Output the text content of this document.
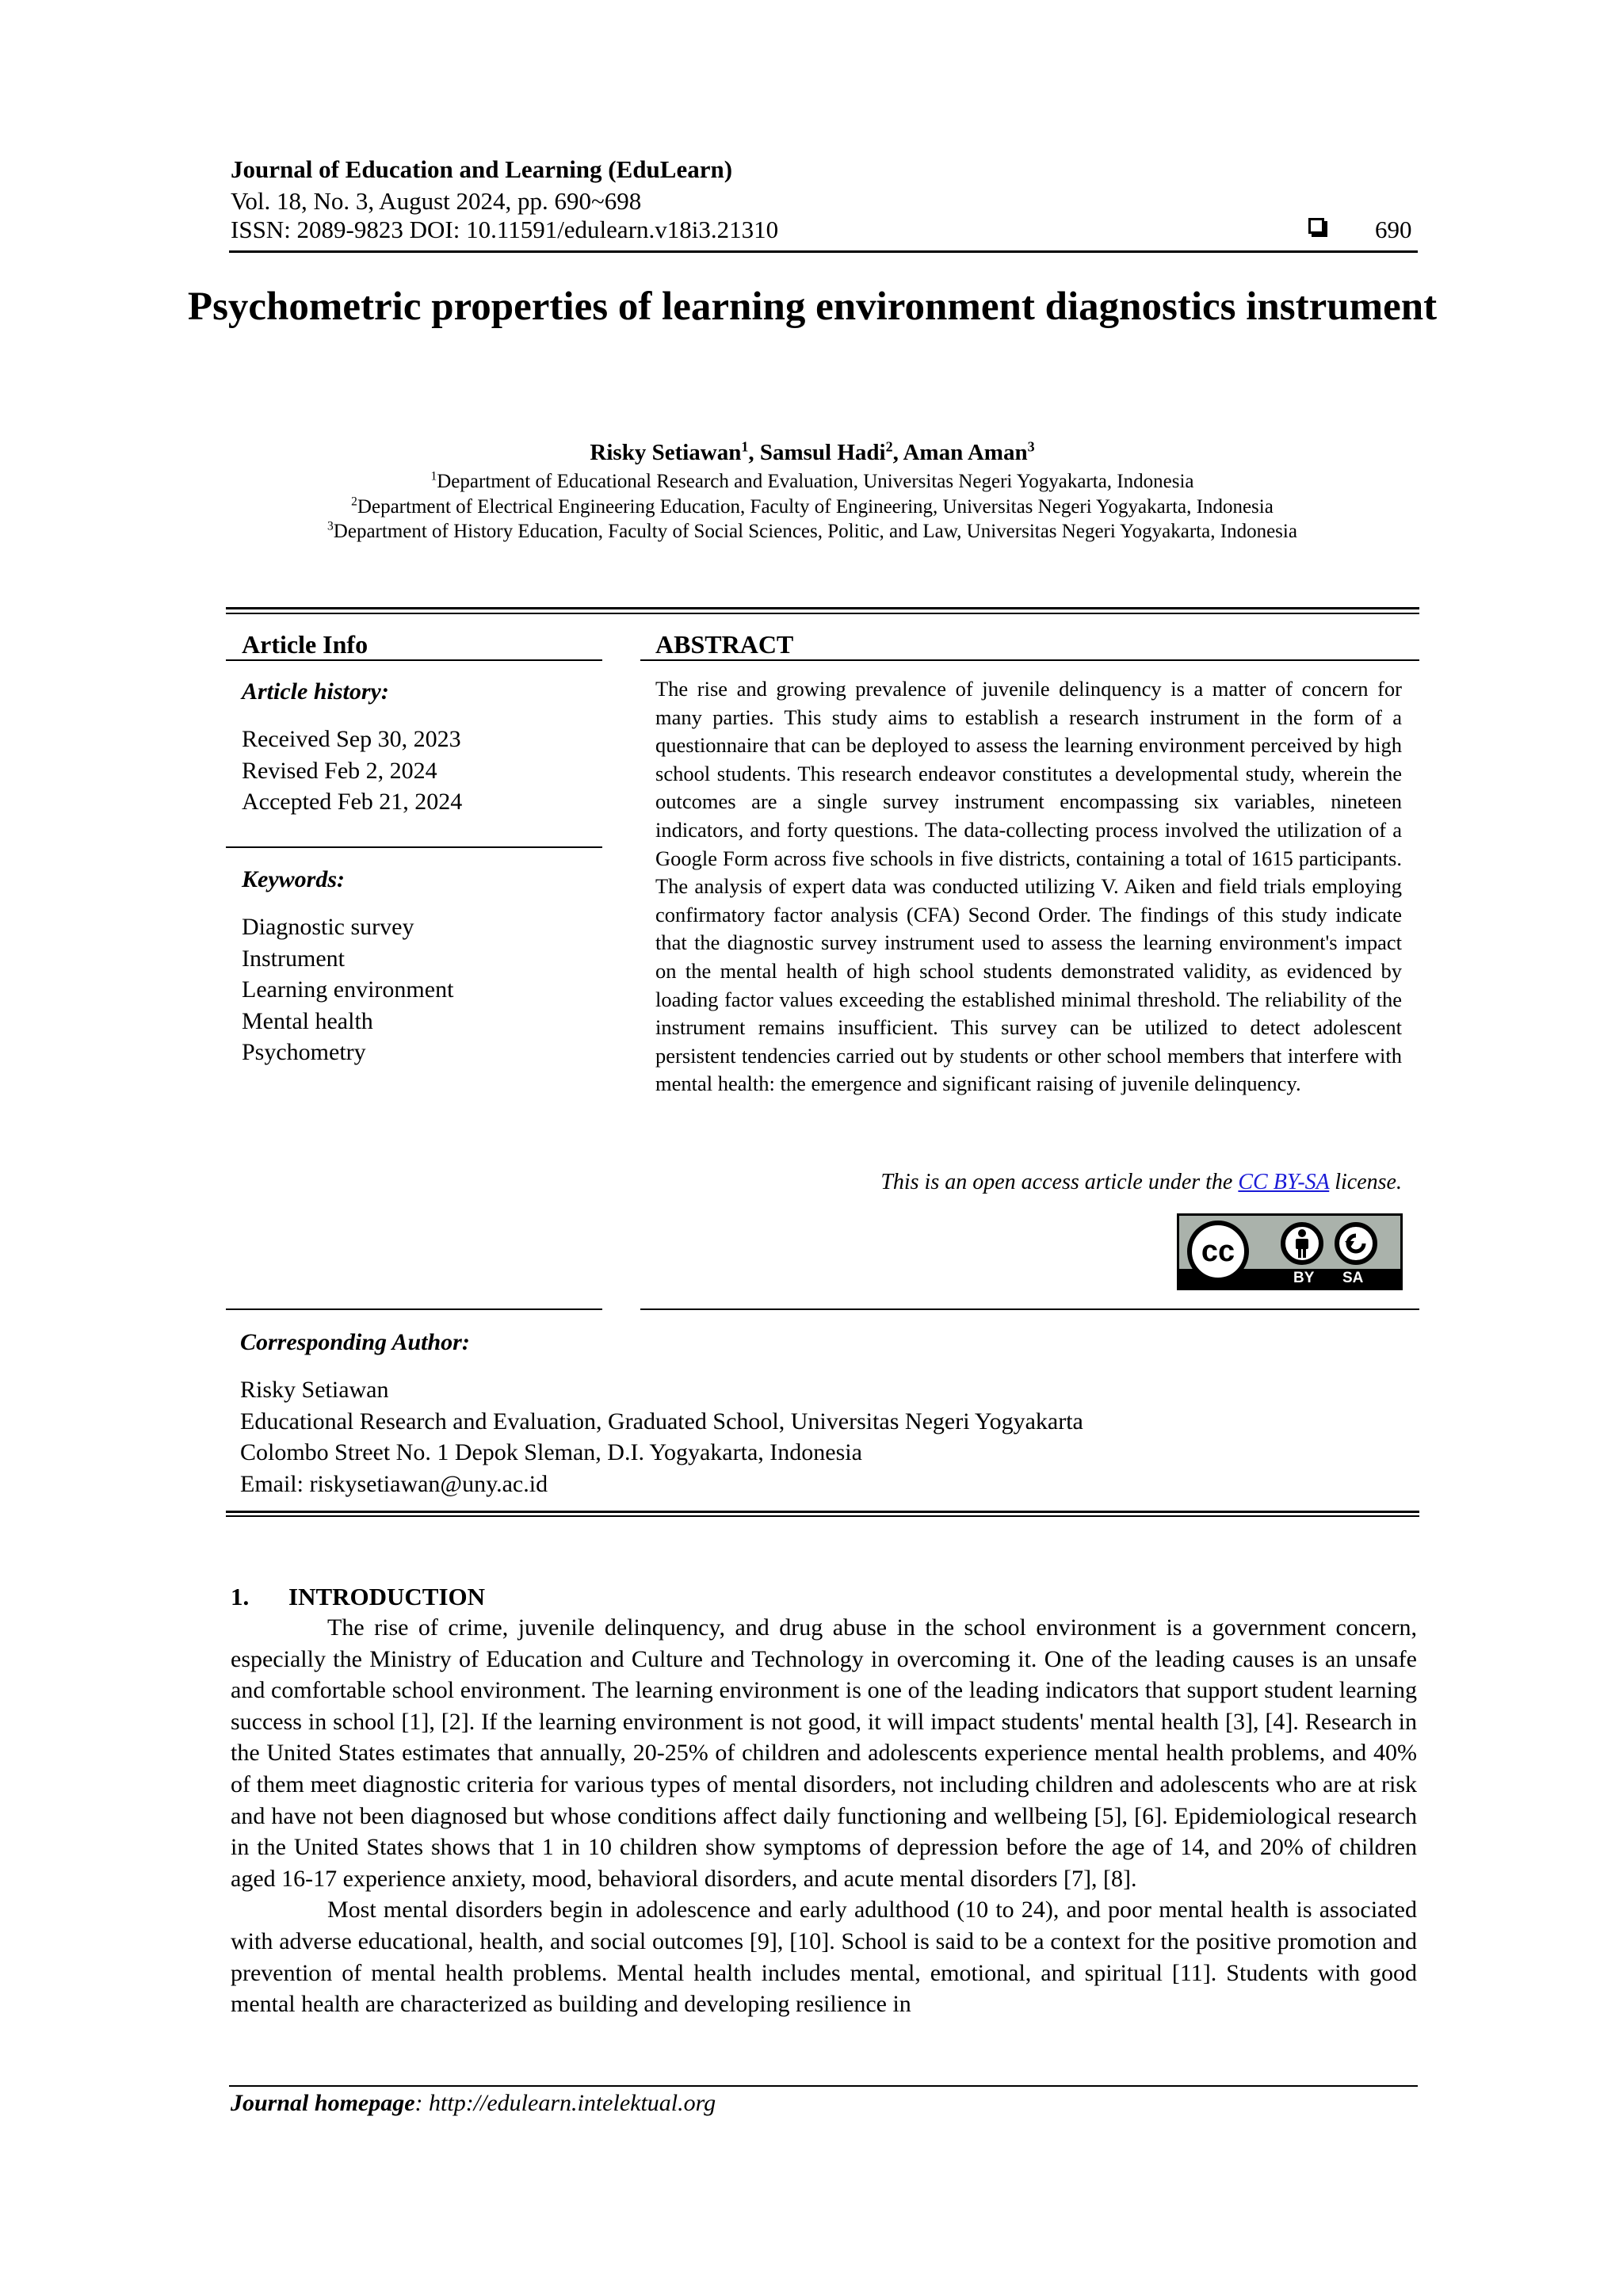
Journal of Education and Learning (EduLearn)
Vol. 18, No. 3, August 2024, pp. 690~698
ISSN: 2089-9823 DOI: 10.11591/edulearn.v18i3.21310	690
Psychometric properties of learning environment diagnostics instrument
Risky Setiawan$^1$, Samsul Hadi$^2$, Aman Aman$^3$
$^1$Department of Educational Research and Evaluation, Universitas Negeri Yogyakarta, Indonesia
$^2$Department of Electrical Engineering Education, Faculty of Engineering, Universitas Negeri Yogyakarta, Indonesia
$^3$Department of History Education, Faculty of Social Sciences, Politic, and Law, Universitas Negeri Yogyakarta, Indonesia
Article Info
Article history:
Received Sep 30, 2023
Revised Feb 2, 2024
Accepted Feb 21, 2024
Keywords:
Diagnostic survey
Instrument
Learning environment
Mental health
Psychometry
ABSTRACT
The rise and growing prevalence of juvenile delinquency is a matter of concern for many parties. This study aims to establish a research instrument in the form of a questionnaire that can be deployed to assess the learning environment perceived by high school students. This research endeavor constitutes a developmental study, wherein the outcomes are a single survey instrument encompassing six variables, nineteen indicators, and forty questions. The data-collecting process involved the utilization of a Google Form across five schools in five districts, containing a total of 1615 participants. The analysis of expert data was conducted utilizing V. Aiken and field trials employing confirmatory factor analysis (CFA) Second Order. The findings of this study indicate that the diagnostic survey instrument used to assess the learning environment's impact on the mental health of high school students demonstrated validity, as evidenced by loading factor values exceeding the established minimal threshold. The reliability of the instrument remains insufficient. This survey can be utilized to detect adolescent persistent tendencies carried out by students or other school members that interfere with mental health: the emergence and significant raising of juvenile delinquency.
This is an open access article under the CC BY-SA license.
cc
BY SA
Corresponding Author:
Risky Setiawan
Educational Research and Evaluation, Graduated School, Universitas Negeri Yogyakarta
Colombo Street No. 1 Depok Sleman, D.I. Yogyakarta, Indonesia
Email: riskysetiawan@uny.ac.id
1. INTRODUCTION

The rise of crime, juvenile delinquency, and drug abuse in the school environment is a government concern, especially the Ministry of Education and Culture and Technology in overcoming it. One of the leading causes is an unsafe and comfortable school environment. The learning environment is one of the leading indicators that support student learning success in school [1], [2]. If the learning environment is not good, it will impact students' mental health [3], [4]. Research in the United States estimates that annually, 20-25% of children and adolescents experience mental health problems, and 40% of them meet diagnostic criteria for various types of mental disorders, not including children and adolescents who are at risk and have not been diagnosed but whose conditions affect daily functioning and wellbeing [5], [6]. Epidemiological research in the United States shows that 1 in 10 children show symptoms of depression before the age of 14, and 20% of children aged 16-17 experience anxiety, mood, behavioral disorders, and acute mental disorders [7], [8].

Most mental disorders begin in adolescence and early adulthood (10 to 24), and poor mental health is associated with adverse educational, health, and social outcomes [9], [10]. School is said to be a context for the positive promotion and prevention of mental health problems. Mental health includes mental, emotional, and spiritual [11]. Students with good mental health are characterized as building and developing resilience in

Journal homepage: http://edulearn.intelektual.org
